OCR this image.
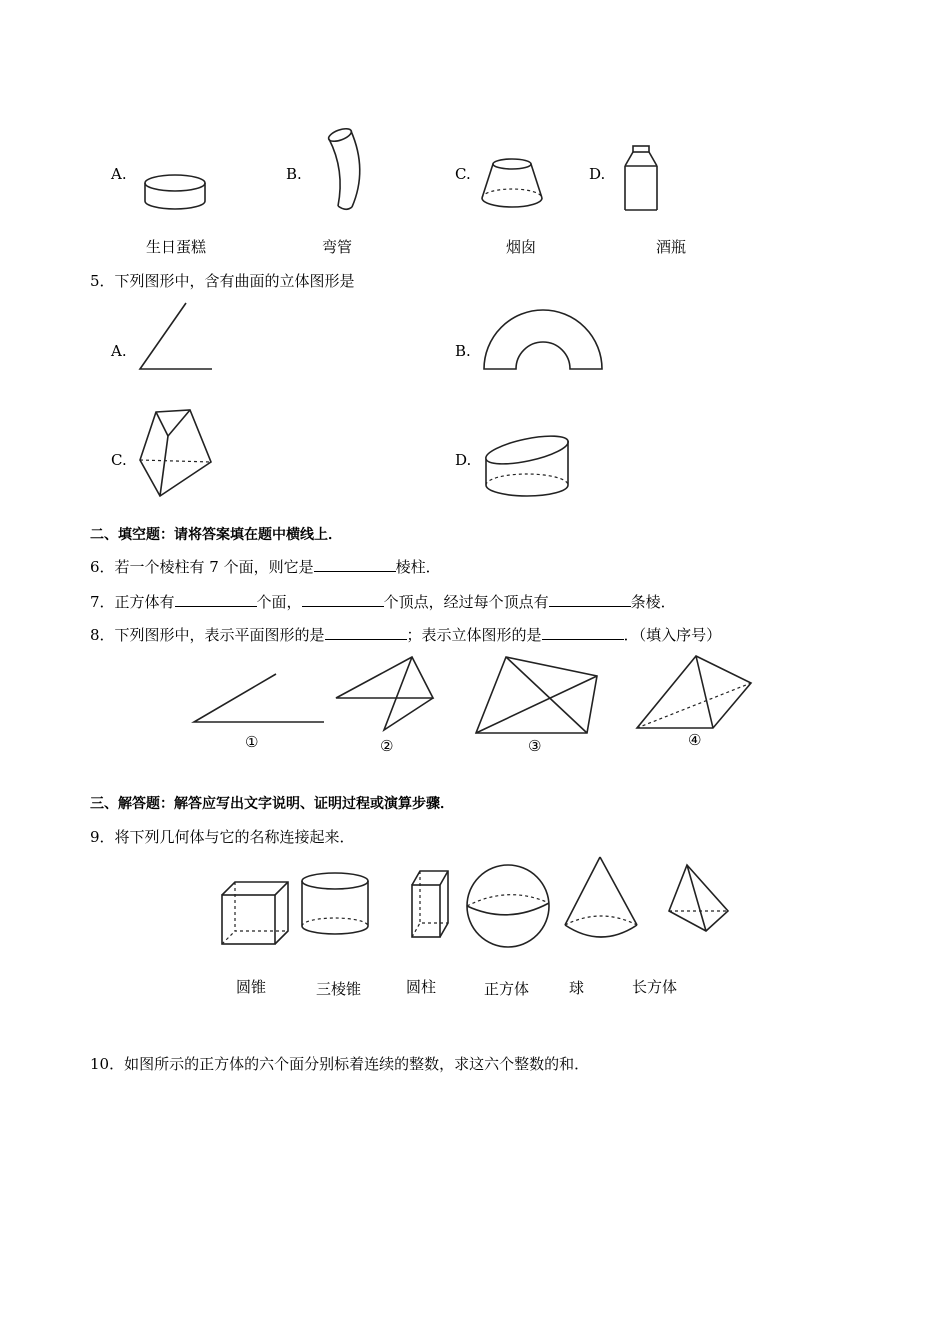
A.
生日蛋糕
B.
弯管
C.
烟囱
D.
酒瓶
5．下列图形中，含有曲面的立体图形是
A.	B.
C.	D.
二、填空题：请将答案填在题中横线上．
6．若一个棱柱有 7 个面，则它是	棱柱．
7．正方体有	个面，	个顶点，经过每个顶点有	条棱．
8．下列图形中，表示平面图形的是	；表示立体图形的是	．（填入序号）
①	②	③	④
三、解答题：解答应写出文字说明、证明过程或演算步骤．
9．将下列几何体与它的名称连接起来．
圆锥	三棱锥	圆柱	正方体	球	长方体
10．如图所示的正方体的六个面分别标着连续的整数，求这六个整数的和．
